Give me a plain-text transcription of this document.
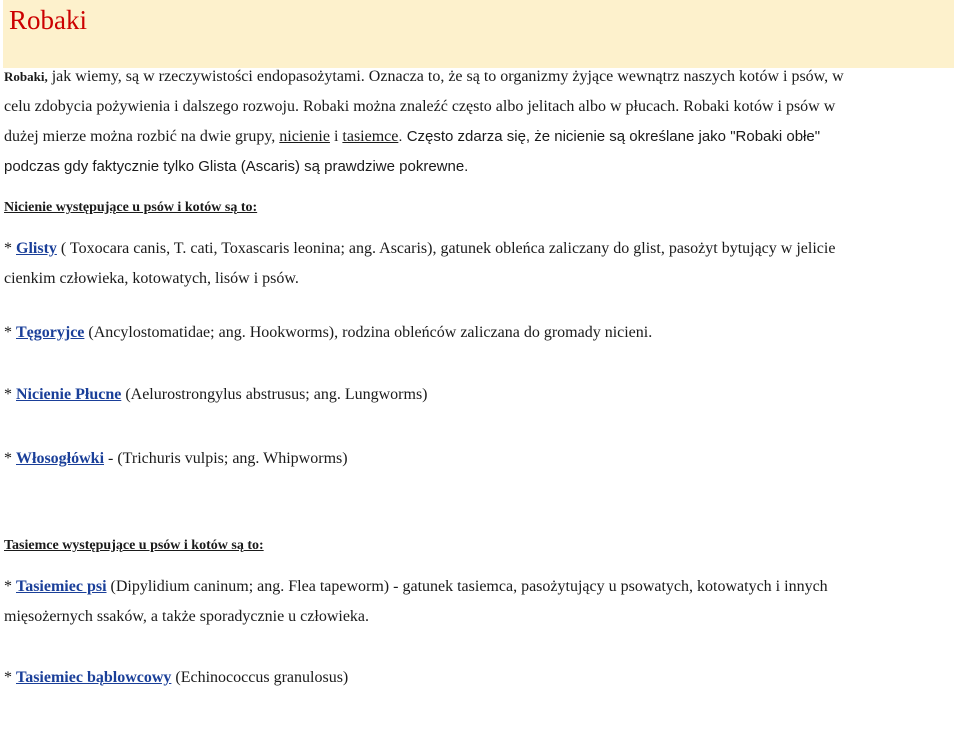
Robaki

Robaki, jak wiemy, są w rzeczywistości endopasożytami. Oznacza to, że są to organizmy żyjące wewnątrz naszych kotów i psów, w
celu zdobycia pożywienia i dalszego rozwoju. Robaki można znaleźć często albo jelitach albo w płucach. Robaki kotów i psów w
dużej mierze można rozbić na dwie grupy, nicienie i tasiemce. Często zdarza się, że nicienie są określane jako "Robaki obłe"
podczas gdy faktycznie tylko Glista (Ascaris) są prawdziwe pokrewne.

Nicienie występujące u psów i kotów są to:

* Glisty ( Toxocara canis, T. cati, Toxascaris leonina; ang. Ascaris), gatunek obleńca zaliczany do glist, pasożyt bytujący w jelicie
cienkim człowieka, kotowatych, lisów i psów.

* Tęgoryjce (Ancylostomatidae; ang. Hookworms), rodzina obleńców zaliczana do gromady nicieni.

* Nicienie Płucne (Aelurostrongylus abstrusus; ang. Lungworms)

* Włosogłówki - (Trichuris vulpis; ang. Whipworms)

Tasiemce występujące u psów i kotów są to:

* Tasiemiec psi (Dipylidium caninum; ang. Flea tapeworm) - gatunek tasiemca, pasożytujący u psowatych, kotowatych i innych
mięsożernych ssaków, a także sporadycznie u człowieka.

* Tasiemiec bąblowcowy (Echinococcus granulosus)
